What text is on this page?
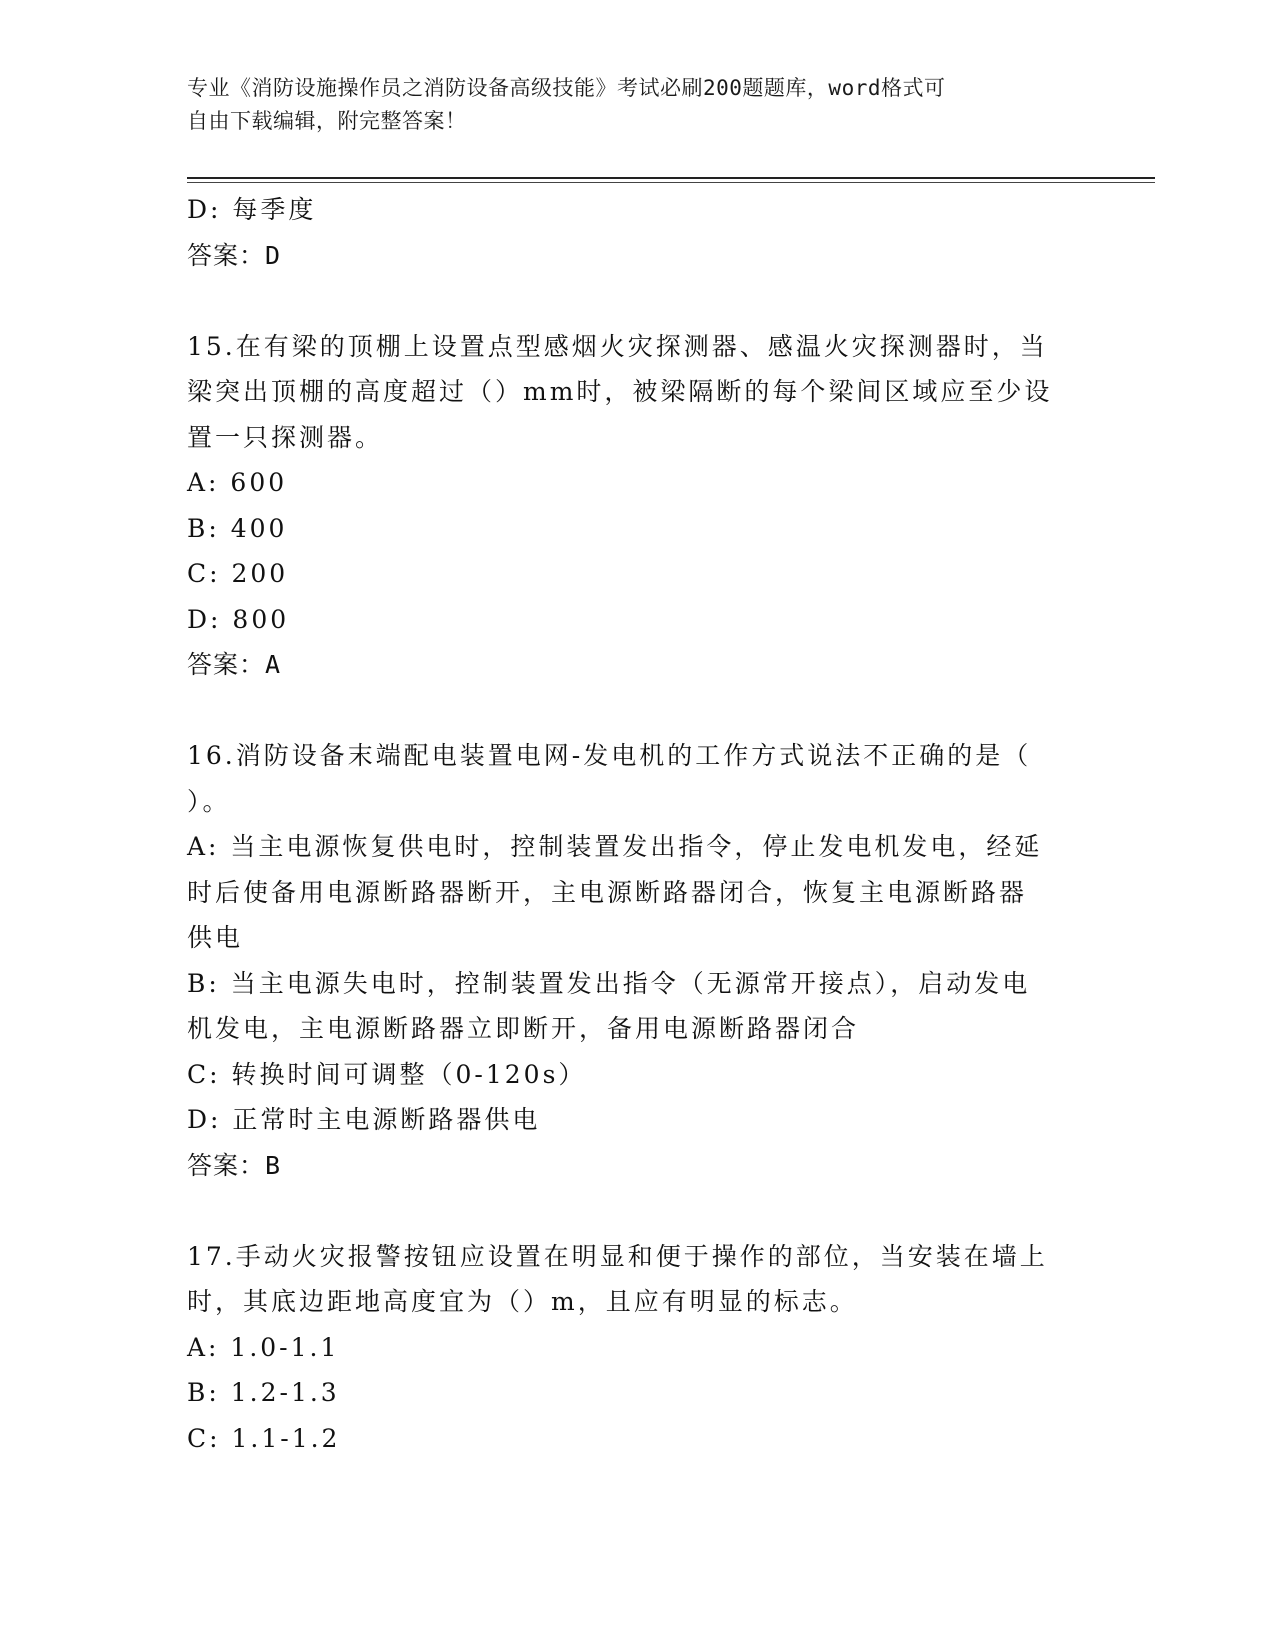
专业《消防设施操作员之消防设备高级技能》考试必刷200题题库，word格式可
自由下载编辑，附完整答案！

D: 每季度

答案：D

15.在有梁的顶棚上设置点型感烟火灾探测器、感温火灾探测器时，当

梁突出顶棚的高度超过（）mm时，被梁隔断的每个梁间区域应至少设

置一只探测器。

A: 600

B: 400

C: 200

D: 800

答案：A

16.消防设备末端配电装置电网-发电机的工作方式说法不正确的是（

）。

A: 当主电源恢复供电时，控制装置发出指令，停止发电机发电，经延

时后使备用电源断路器断开，主电源断路器闭合，恢复主电源断路器

供电

B: 当主电源失电时，控制装置发出指令（无源常开接点），启动发电

机发电，主电源断路器立即断开，备用电源断路器闭合

C: 转换时间可调整（0-120s）

D: 正常时主电源断路器供电

答案：B

17.手动火灾报警按钮应设置在明显和便于操作的部位，当安装在墙上

时，其底边距地高度宜为（）m，且应有明显的标志。

A: 1.0-1.1

B: 1.2-1.3

C: 1.1-1.2
